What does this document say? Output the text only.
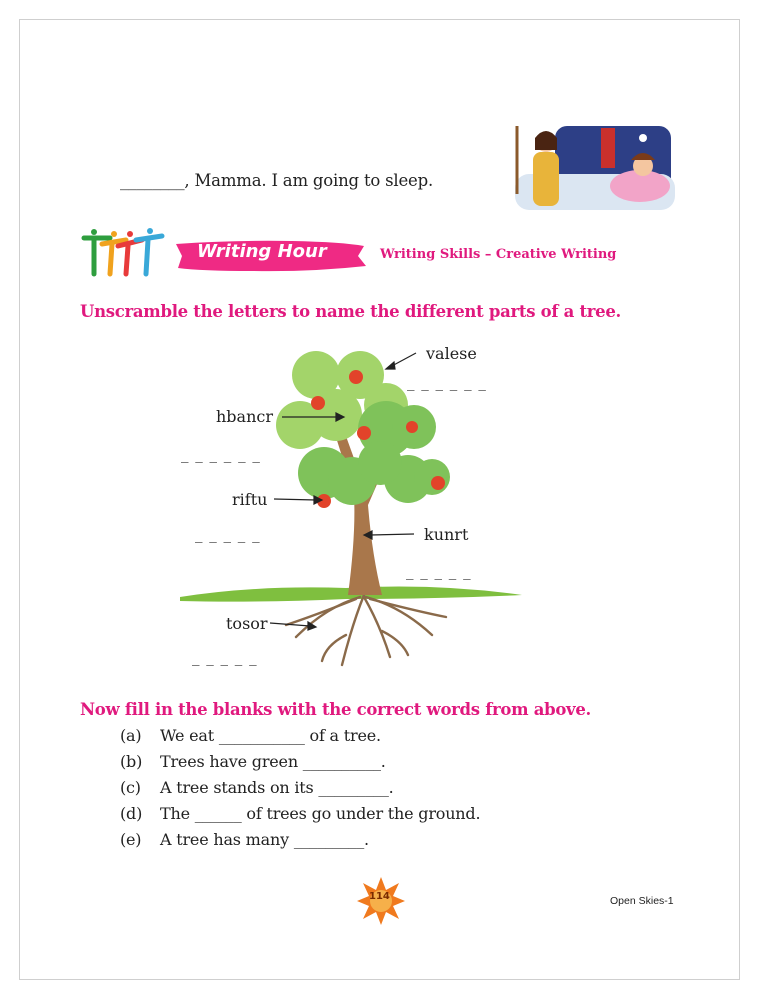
________, Mamma. I am going to sleep.
Writing Hour	Writing Skills – Creative Writing
Unscramble the letters to name the different parts of a tree.
valese
_ _ _ _ _ _
hbancr
_ _ _ _ _ _
riftu
_ _ _ _ _	kunrt
_ _ _ _ _
tosor
_ _ _ _ _
Now fill in the blanks with the correct words from above.
(a) We eat ___________ of a tree.
(b) Trees have green __________.
(c) A tree stands on its _________.
(d) The ______ of trees go under the ground.
(e) A tree has many _________.
114	Open Skies-1
